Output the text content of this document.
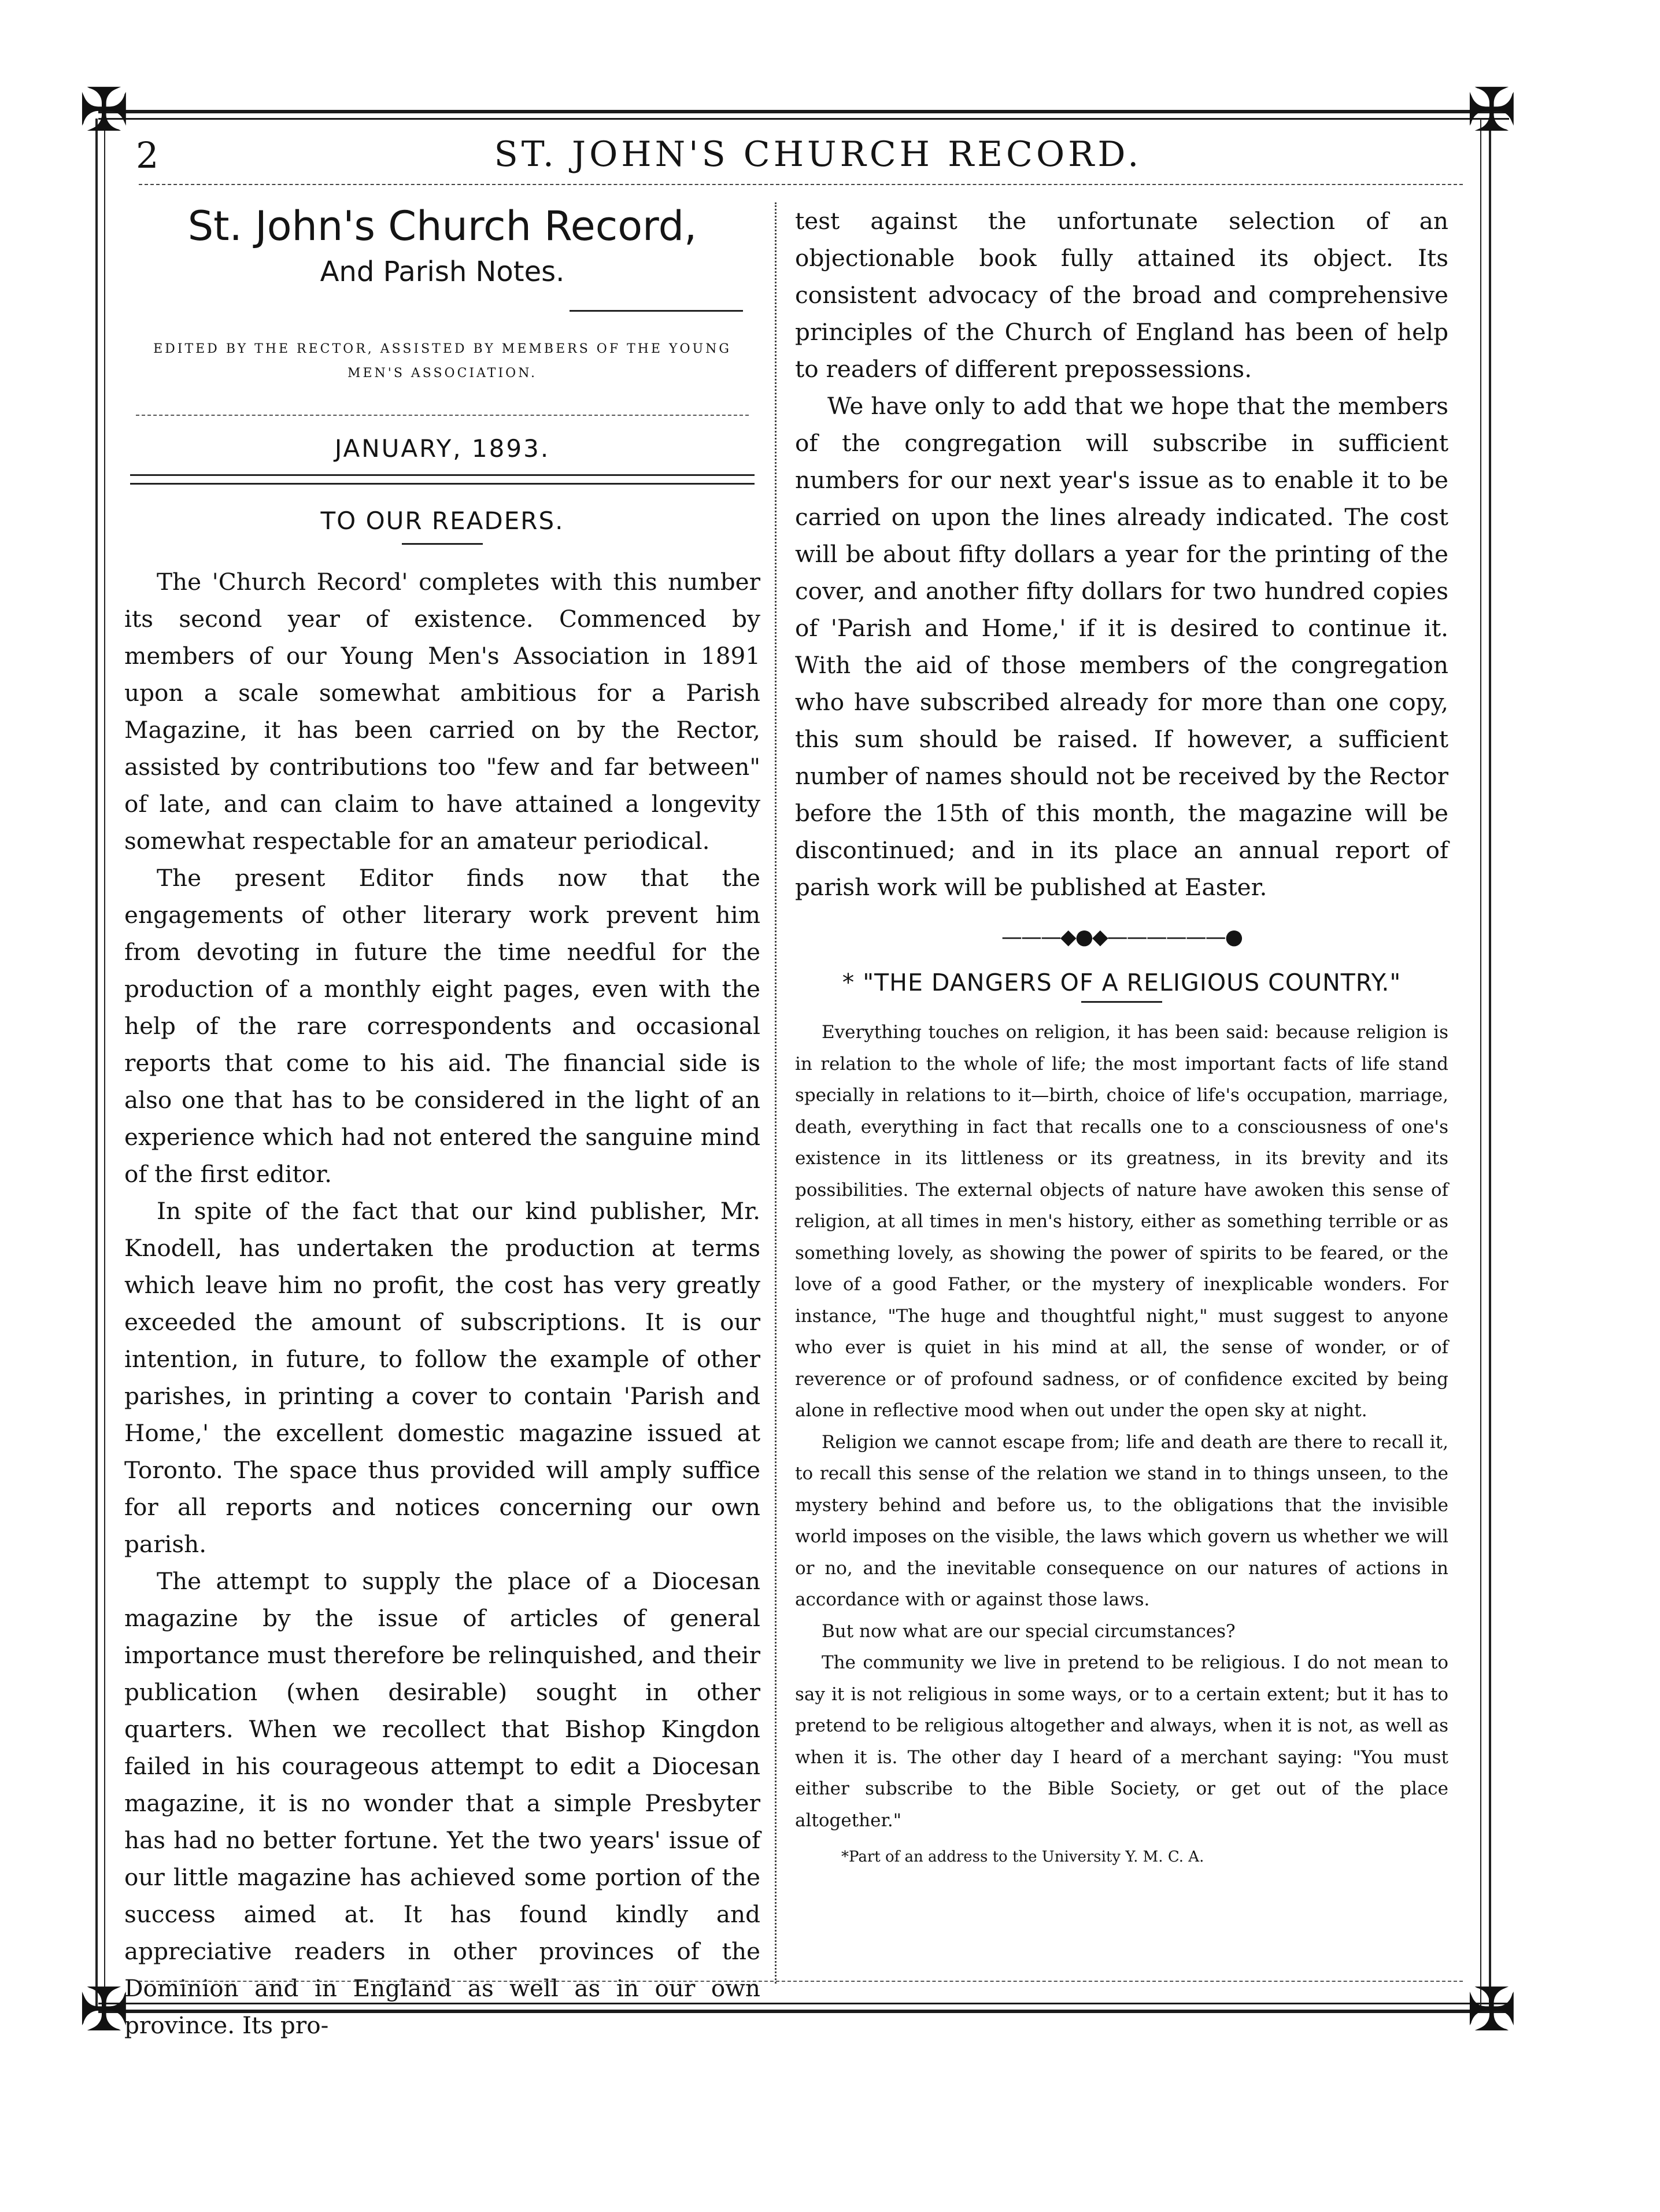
✠	✠
✠	✠
2	ST. JOHN'S CHURCH RECORD.
St. John's Church Record,
And Parish Notes.
EDITED BY THE RECTOR, ASSISTED BY MEMBERS OF THE YOUNG MEN'S ASSOCIATION.
JANUARY, 1893.
TO OUR READERS.

The 'Church Record' completes with this number its second year of existence. Commenced by members of our Young Men's Association in 1891 upon a scale somewhat ambitious for a Parish Magazine, it has been carried on by the Rector, assisted by contributions too "few and far between" of late, and can claim to have attained a longevity somewhat respectable for an amateur periodical.

The present Editor finds now that the engagements of other literary work prevent him from devoting in future the time needful for the production of a monthly eight pages, even with the help of the rare correspondents and occasional reports that come to his aid. The financial side is also one that has to be considered in the light of an experience which had not entered the sanguine mind of the first editor.

In spite of the fact that our kind publisher, Mr. Knodell, has undertaken the production at terms which leave him no profit, the cost has very greatly exceeded the amount of subscriptions. It is our intention, in future, to follow the example of other parishes, in printing a cover to contain 'Parish and Home,' the excellent domestic magazine issued at Toronto. The space thus provided will amply suffice for all reports and notices concerning our own parish.

The attempt to supply the place of a Diocesan magazine by the issue of articles of general importance must therefore be relinquished, and their publication (when desirable) sought in other quarters. When we recollect that Bishop Kingdon failed in his courageous attempt to edit a Diocesan magazine, it is no wonder that a simple Presbyter has had no better fortune. Yet the two years' issue of our little magazine has achieved some portion of the success aimed at. It has found kindly and appreciative readers in other provinces of the Dominion and in England as well as in our own province. Its pro-

test against the unfortunate selection of an objectionable book fully attained its object. Its consistent advocacy of the broad and comprehensive principles of the Church of England has been of help to readers of different prepossessions.

We have only to add that we hope that the members of the congregation will subscribe in sufficient numbers for our next year's issue as to enable it to be carried on upon the lines already indicated. The cost will be about fifty dollars a year for the printing of the cover, and another fifty dollars for two hundred copies of 'Parish and Home,' if it is desired to continue it. With the aid of those members of the congregation who have subscribed already for more than one copy, this sum should be raised. If however, a sufficient number of names should not be received by the Rector before the 15th of this month, the magazine will be discontinued; and in its place an annual report of parish work will be published at Easter.

———◆●◆——————●
* "THE DANGERS OF A RELIGIOUS COUNTRY."

Everything touches on religion, it has been said: because religion is in relation to the whole of life; the most important facts of life stand specially in relations to it—birth, choice of life's occupation, marriage, death, everything in fact that recalls one to a consciousness of one's existence in its littleness or its greatness, in its brevity and its possibilities. The external objects of nature have awoken this sense of religion, at all times in men's history, either as something terrible or as something lovely, as showing the power of spirits to be feared, or the love of a good Father, or the mystery of inexplicable wonders. For instance, "The huge and thoughtful night," must suggest to anyone who ever is quiet in his mind at all, the sense of wonder, or of reverence or of profound sadness, or of confidence excited by being alone in reflective mood when out under the open sky at night.

Religion we cannot escape from; life and death are there to recall it, to recall this sense of the relation we stand in to things unseen, to the mystery behind and before us, to the obligations that the invisible world imposes on the visible, the laws which govern us whether we will or no, and the inevitable consequence on our natures of actions in accordance with or against those laws.

But now what are our special circumstances?

The community we live in pretend to be religious. I do not mean to say it is not religious in some ways, or to a certain extent; but it has to pretend to be religious altogether and always, when it is not, as well as when it is. The other day I heard of a merchant saying: "You must either subscribe to the Bible Society, or get out of the place altogether."

*Part of an address to the University Y. M. C. A.
